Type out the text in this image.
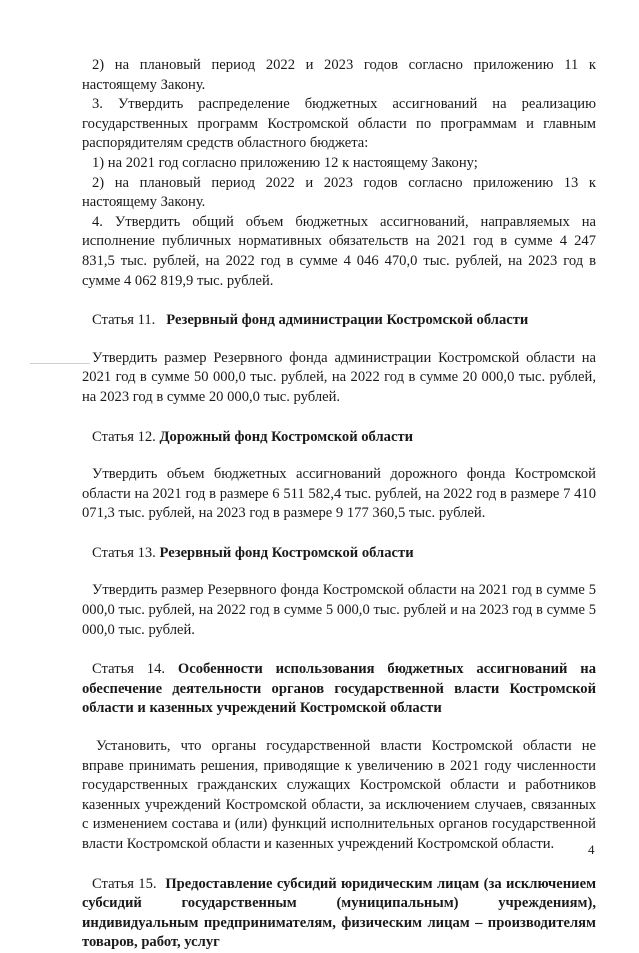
2) на плановый период 2022 и 2023 годов согласно приложению 11 к настоящему Закону.

3. Утвердить распределение бюджетных ассигнований на реализацию государственных программ Костромской области по программам и главным распорядителям средств областного бюджета:

1) на 2021 год согласно приложению 12 к настоящему Закону;

2) на плановый период 2022 и 2023 годов согласно приложению 13 к настоящему Закону.

4. Утвердить общий объем бюджетных ассигнований, направляемых на исполнение публичных нормативных обязательств на 2021 год в сумме 4 247 831,5 тыс. рублей, на 2022 год в сумме 4 046 470,0 тыс. рублей, на 2023 год в сумме 4 062 819,9 тыс. рублей.

Статья 11. Резервный фонд администрации Костромской области

Утвердить размер Резервного фонда администрации Костромской области на 2021 год в сумме 50 000,0 тыс. рублей, на 2022 год в сумме 20 000,0 тыс. рублей, на 2023 год в сумме 20 000,0 тыс. рублей.

Статья 12. Дорожный фонд Костромской области

Утвердить объем бюджетных ассигнований дорожного фонда Костромской области на 2021 год в размере 6 511 582,4 тыс. рублей, на 2022 год в размере 7 410 071,3 тыс. рублей, на 2023 год в размере 9 177 360,5 тыс. рублей.

Статья 13. Резервный фонд Костромской области

Утвердить размер Резервного фонда Костромской области на 2021 год в сумме 5 000,0 тыс. рублей, на 2022 год в сумме 5 000,0 тыс. рублей и на 2023 год в сумме 5 000,0 тыс. рублей.

Статья 14. Особенности использования бюджетных ассигнований на обеспечение деятельности органов государственной власти Костромской области и казенных учреждений Костромской области

Установить, что органы государственной власти Костромской области не вправе принимать решения, приводящие к увеличению в 2021 году численности государственных гражданских служащих Костромской области и работников казенных учреждений Костромской области, за исключением случаев, связанных с изменением состава и (или) функций исполнительных органов государственной власти Костромской области и казенных учреждений Костромской области.

Статья 15. Предоставление субсидий юридическим лицам (за исключением субсидий государственным (муниципальным) учреждениям), индивидуальным предпринимателям, физическим лицам – производителям товаров, работ, услуг

4
